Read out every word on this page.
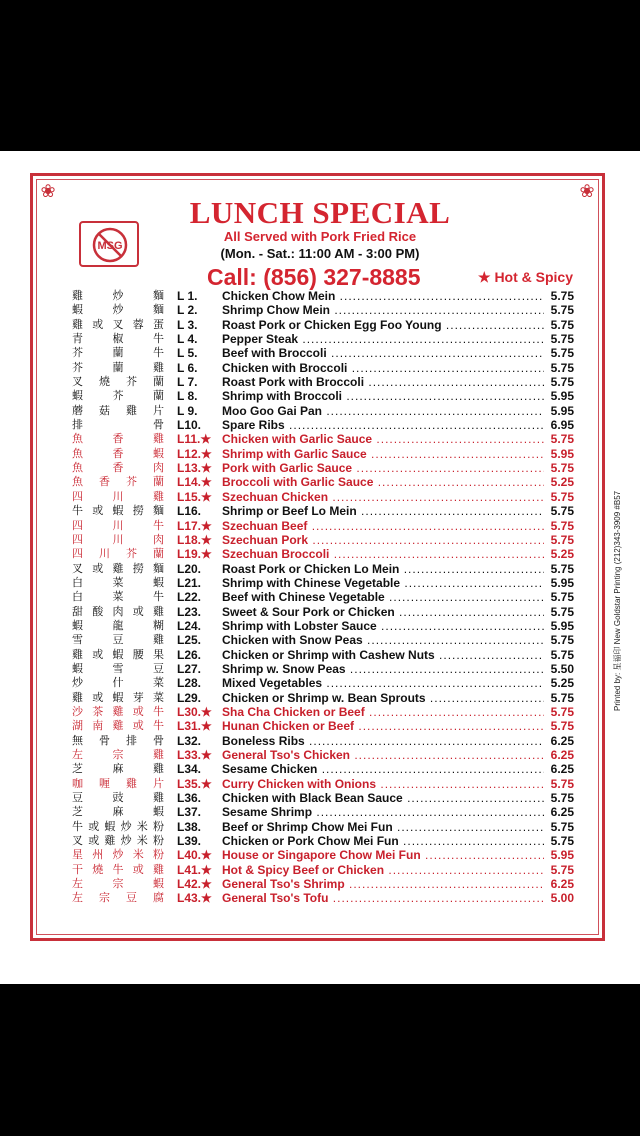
❀	❀
MSG
LUNCH SPECIAL
All Served with Pork Fried Rice
(Mon. - Sat.: 11:00 AM - 3:00 PM)
Call: (856) 327-8885	★ Hot & Spicy
雞	炒	麵 L 1. Chicken Chow Mein .....	5.75
蝦	炒	麵 L 2. Shrimp Chow Mein .....	5.75
雞 或 叉 蓉 蛋 L 3. Roast Pork or Chicken Egg Foo Young .....	5.75
青	椒	牛 L 4. Pepper Steak .....	5.75
芥	蘭	牛 L 5. Beef with Broccoli .....	5.75
芥	蘭	雞 L 6. Chicken with Broccoli .....	5.75
叉 燒 芥 蘭 L 7. Roast Pork with Broccoli .....	5.75
蝦	芥	蘭 L 8. Shrimp with Broccoli .....	5.95
蘑 菇 雞 片 L 9. Moo Goo Gai Pan .....	5.95
排	骨 L10. Spare Ribs .....	6.95
魚	香	雞 L11.★ Chicken with Garlic Sauce .....	5.75
魚	香	蝦 L12.★ Shrimp with Garlic Sauce .....	5.95
魚	香	肉 L13.★ Pork with Garlic Sauce .....	5.75
魚 香 芥 蘭 L14.★ Broccoli with Garlic Sauce .....	5.25
四	川	雞 L15.★ Szechuan Chicken .....	5.75
牛 或 蝦 撈 麵 L16. Shrimp or Beef Lo Mein .....	5.75
四	川	牛 L17.★ Szechuan Beef .....	5.75
四	川	肉 L18.★ Szechuan Pork .....	5.75
四 川 芥 蘭 L19.★ Szechuan Broccoli .....	5.25
叉 或 雞 撈 麵 L20. Roast Pork or Chicken Lo Mein .....	5.75
白	菜	蝦 L21. Shrimp with Chinese Vegetable .....	5.95
白	菜	牛 L22. Beef with Chinese Vegetable .....	5.75
甜 酸 肉 或 雞 L23. Sweet & Sour Pork or Chicken .....	5.75
蝦	龍	糊 L24. Shrimp with Lobster Sauce .....	5.95
雪	豆	雞 L25. Chicken with Snow Peas .....	5.75
雞 或 蝦 腰 果 L26. Chicken or Shrimp with Cashew Nuts .....	5.75
蝦	雪	豆 L27. Shrimp w. Snow Peas .....	5.50
炒	什	菜 L28. Mixed Vegetables .....	5.25
雞 或 蝦 芽 菜 L29. Chicken or Shrimp w. Bean Sprouts .....	5.75
沙 茶 雞 或 牛 L30.★ Sha Cha Chicken or Beef .....	5.75
湖 南 雞 或 牛 L31.★ Hunan Chicken or Beef .....	5.75
無 骨 排 骨 L32. Boneless Ribs .....	6.25
左	宗	雞 L33.★ General Tso's Chicken .....	6.25
芝	麻	雞 L34. Sesame Chicken .....	6.25
咖 喱 雞 片 L35.★ Curry Chicken with Onions .....	5.75
豆	豉	雞 L36. Chicken with Black Bean Sauce .....	5.75
芝	麻	蝦 L37. Sesame Shrimp .....	6.25
牛 或 蝦 炒 米 粉 L38. Beef or Shrimp Chow Mei Fun .....	5.75
叉 或 雞 炒 米 粉 L39. Chicken or Pork Chow Mei Fun .....	5.75
星 州 炒 米 粉 L40.★ House or Singapore Chow Mei Fun .....	5.95
干 燒 牛 或 雞 L41.★ Hot & Spicy Beef or Chicken .....	5.75
左	宗	蝦 L42.★ General Tso's Shrimp .....	6.25
左 宗 豆 腐 L43.★ General Tso's Tofu .....	5.00
Printed by: 星福印 New Goldstar Printing (212)343-3909 #B57
